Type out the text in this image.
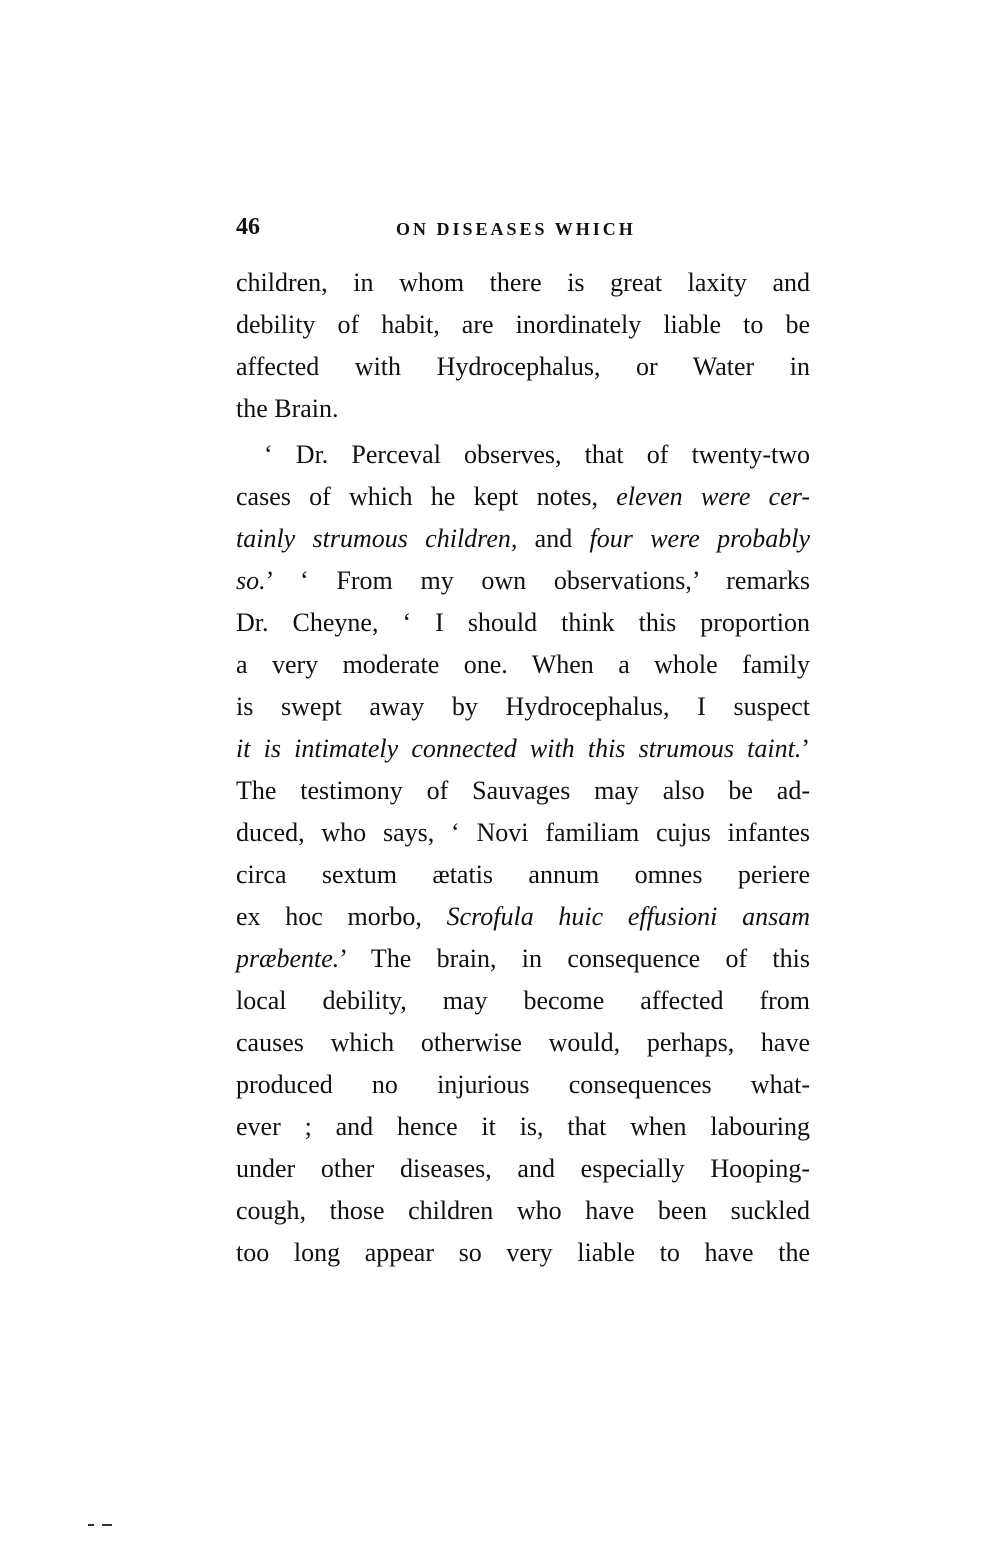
46	ON DISEASES WHICH
children, in whom there is great laxity and
debility of habit, are inordinately liable to be
affected with Hydrocephalus, or Water in
the Brain.
‘ Dr. Perceval observes, that of twenty-two
cases of which he kept notes, eleven were cer-
tainly strumous children, and four were probably
so.’ ‘ From my own observations,’ remarks
Dr. Cheyne, ‘ I should think this proportion
a very moderate one. When a whole family
is swept away by Hydrocephalus, I suspect
it is intimately connected with this strumous taint.’
The testimony of Sauvages may also be ad-
duced, who says, ‘ Novi familiam cujus infantes
circa sextum ætatis annum omnes periere
ex hoc morbo, Scrofula huic effusioni ansam
præbente.’ The brain, in consequence of this
local debility, may become affected from
causes which otherwise would, perhaps, have
produced no injurious consequences what-
ever ; and hence it is, that when labouring
under other diseases, and especially Hooping-
cough, those children who have been suckled
too long appear so very liable to have the
